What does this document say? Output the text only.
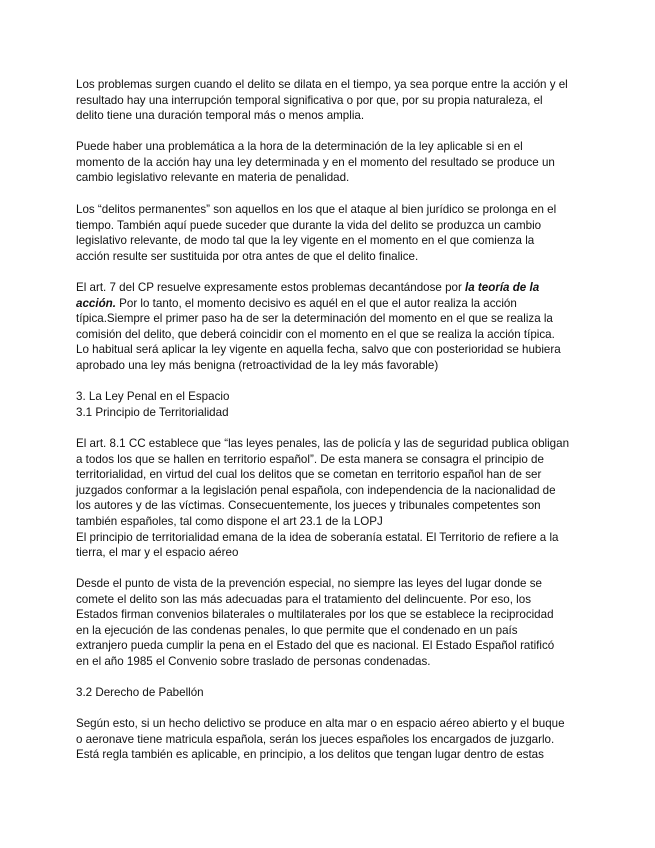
Los problemas surgen cuando el delito se dilata en el tiempo, ya sea porque entre la acción y el
resultado hay una interrupción temporal significativa o por que, por su propia naturaleza, el
delito tiene una duración temporal más o menos amplia.

Puede haber una problemática a la hora de la determinación de la ley aplicable si en el
momento de la acción hay una ley determinada y en el momento del resultado se produce un
cambio legislativo relevante en materia de penalidad.

Los “delitos permanentes” son aquellos en los que el ataque al bien jurídico se prolonga en el
tiempo. También aquí puede suceder que durante la vida del delito se produzca un cambio
legislativo relevante, de modo tal que la ley vigente en el momento en el que comienza la
acción resulte ser sustituida por otra antes de que el delito finalice.

El art. 7 del CP resuelve expresamente estos problemas decantándose por la teoría de la
acción. Por lo tanto, el momento decisivo es aquél en el que el autor realiza la acción
típica.Siempre el primer paso ha de ser la determinación del momento en el que se realiza la
comisión del delito, que deberá coincidir con el momento en el que se realiza la acción típica.
Lo habitual será aplicar la ley vigente en aquella fecha, salvo que con posterioridad se hubiera
aprobado una ley más benigna (retroactividad de la ley más favorable)

3. La Ley Penal en el Espacio
3.1 Principio de Territorialidad

El art. 8.1 CC establece que “las leyes penales, las de policía y las de seguridad publica obligan
a todos los que se hallen en territorio español”. De esta manera se consagra el principio de
territorialidad, en virtud del cual los delitos que se cometan en territorio español han de ser
juzgados conformar a la legislación penal española, con independencia de la nacionalidad de
los autores y de las víctimas. Consecuentemente, los jueces y tribunales competentes son
también españoles, tal como dispone el art 23.1 de la LOPJ
El principio de territorialidad emana de la idea de soberanía estatal. El Territorio de refiere a la
tierra, el mar y el espacio aéreo

Desde el punto de vista de la prevención especial, no siempre las leyes del lugar donde se
comete el delito son las más adecuadas para el tratamiento del delincuente. Por eso, los
Estados firman convenios bilaterales o multilaterales por los que se establece la reciprocidad
en la ejecución de las condenas penales, lo que permite que el condenado en un país
extranjero pueda cumplir la pena en el Estado del que es nacional. El Estado Español ratificó
en el año 1985 el Convenio sobre traslado de personas condenadas.

3.2 Derecho de Pabellón

Según esto, si un hecho delictivo se produce en alta mar o en espacio aéreo abierto y el buque
o aeronave tiene matricula española, serán los jueces españoles los encargados de juzgarlo.
Está regla también es aplicable, en principio, a los delitos que tengan lugar dentro de estas
